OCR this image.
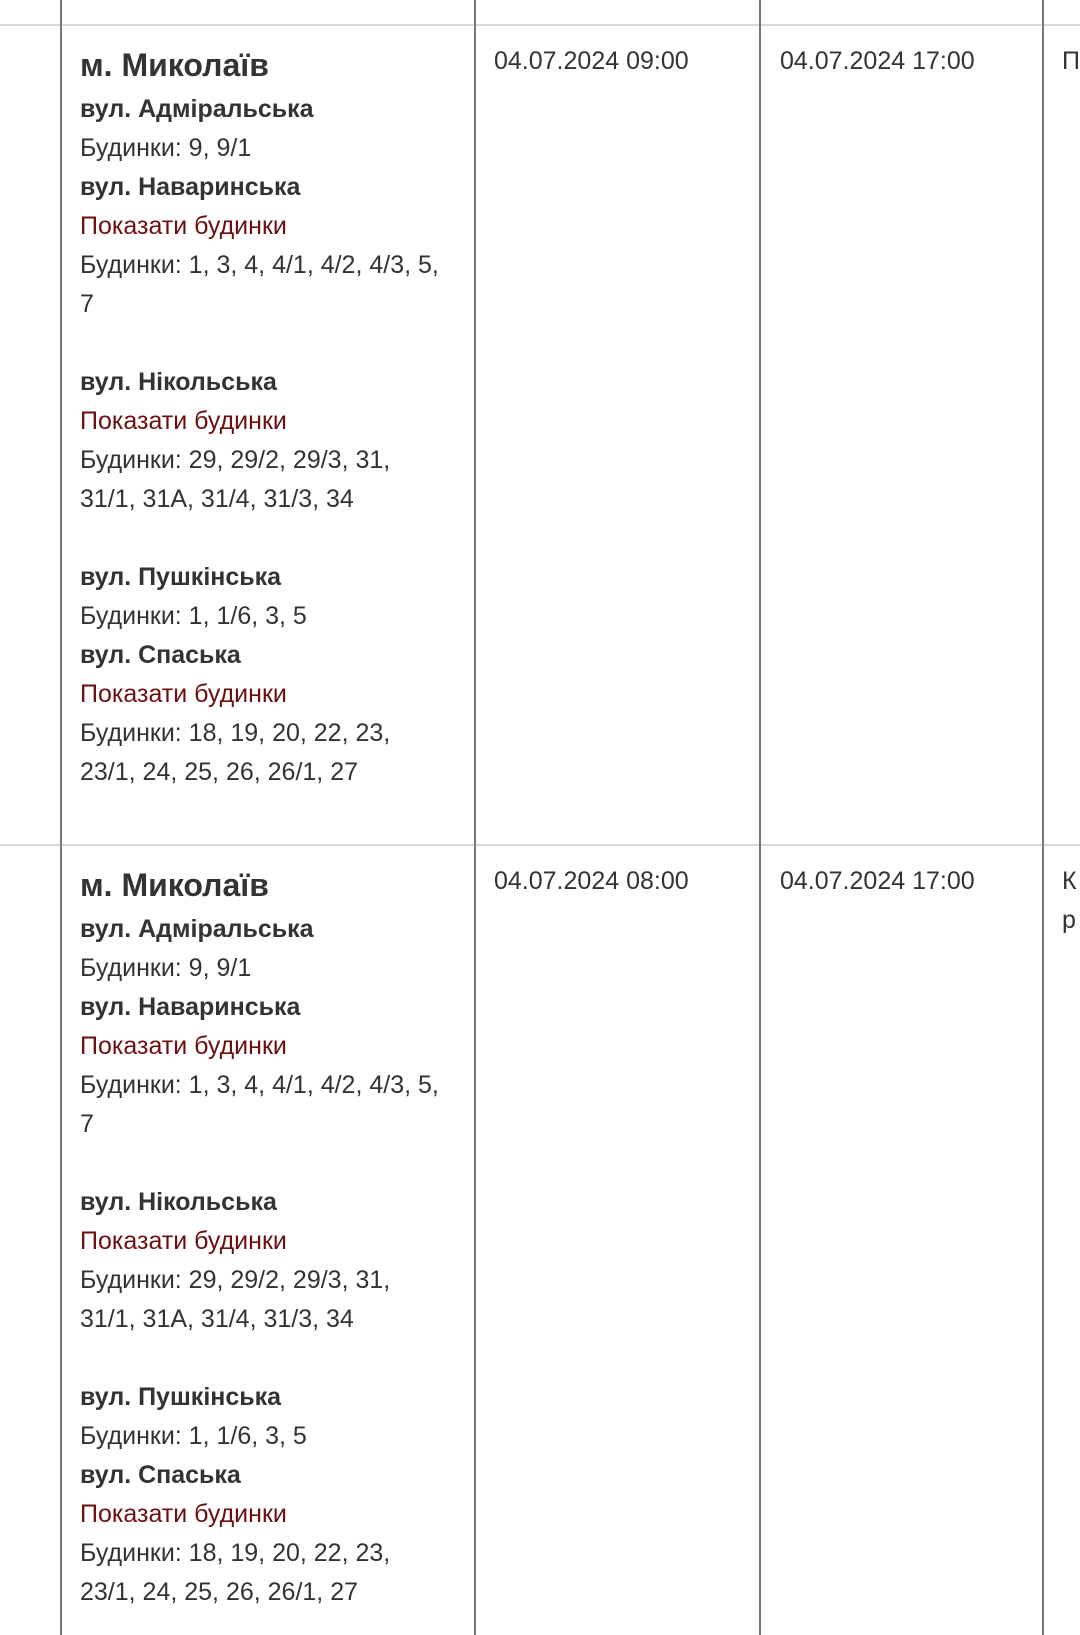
м. Миколаїв
вул. Адміральська
Будинки: 9, 9/1
вул. Наваринська
Показати будинки
Будинки: 1, 3, 4, 4/1, 4/2, 4/3, 5, 7
вул. Нікольська
Показати будинки
Будинки: 29, 29/2, 29/3, 31, 31/1, 31А, 31/4, 31/3, 34
вул. Пушкінська
Будинки: 1, 1/6, 3, 5
вул. Спаська
Показати будинки
Будинки: 18, 19, 20, 22, 23, 23/1, 24, 25, 26, 26/1, 27
04.07.2024 09:00	04.07.2024 17:00	П
м. Миколаїв
вул. Адміральська
Будинки: 9, 9/1
вул. Наваринська
Показати будинки
Будинки: 1, 3, 4, 4/1, 4/2, 4/3, 5, 7
вул. Нікольська
Показати будинки
Будинки: 29, 29/2, 29/3, 31, 31/1, 31А, 31/4, 31/3, 34
вул. Пушкінська
Будинки: 1, 1/6, 3, 5
вул. Спаська
Показати будинки
Будинки: 18, 19, 20, 22, 23, 23/1, 24, 25, 26, 26/1, 27
04.07.2024 08:00	04.07.2024 17:00	К
р
